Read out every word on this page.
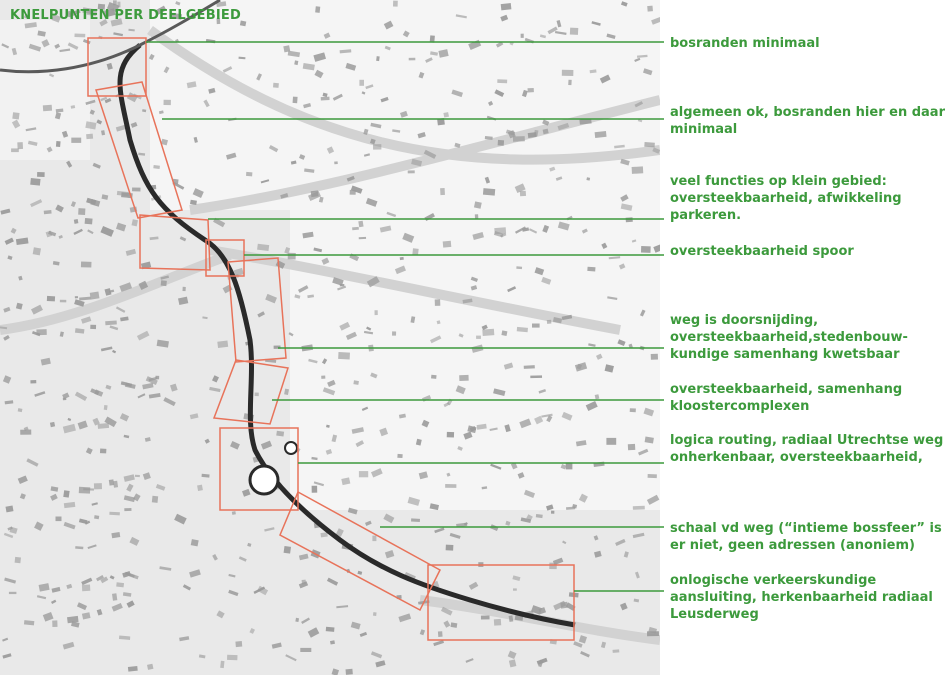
KNELPUNTEN PER DEELGEBIED

bosranden minimaal

algemeen ok, bosranden hier en daar minimaal

veel functies op klein gebied: oversteekbaarheid, afwikkeling parkeren.

oversteekbaarheid spoor

weg is doorsnijding, oversteekbaarheid,stedenbouw-kundige samenhang kwetsbaar

oversteekbaarheid, samenhang kloostercomplexen

logica routing, radiaal Utrechtse weg onherkenbaar, oversteekbaarheid,

schaal vd weg (“intieme bossfeer” is er niet, geen adressen (anoniem)

onlogische verkeerskundige aansluiting, herkenbaarheid radiaal Leusderweg
